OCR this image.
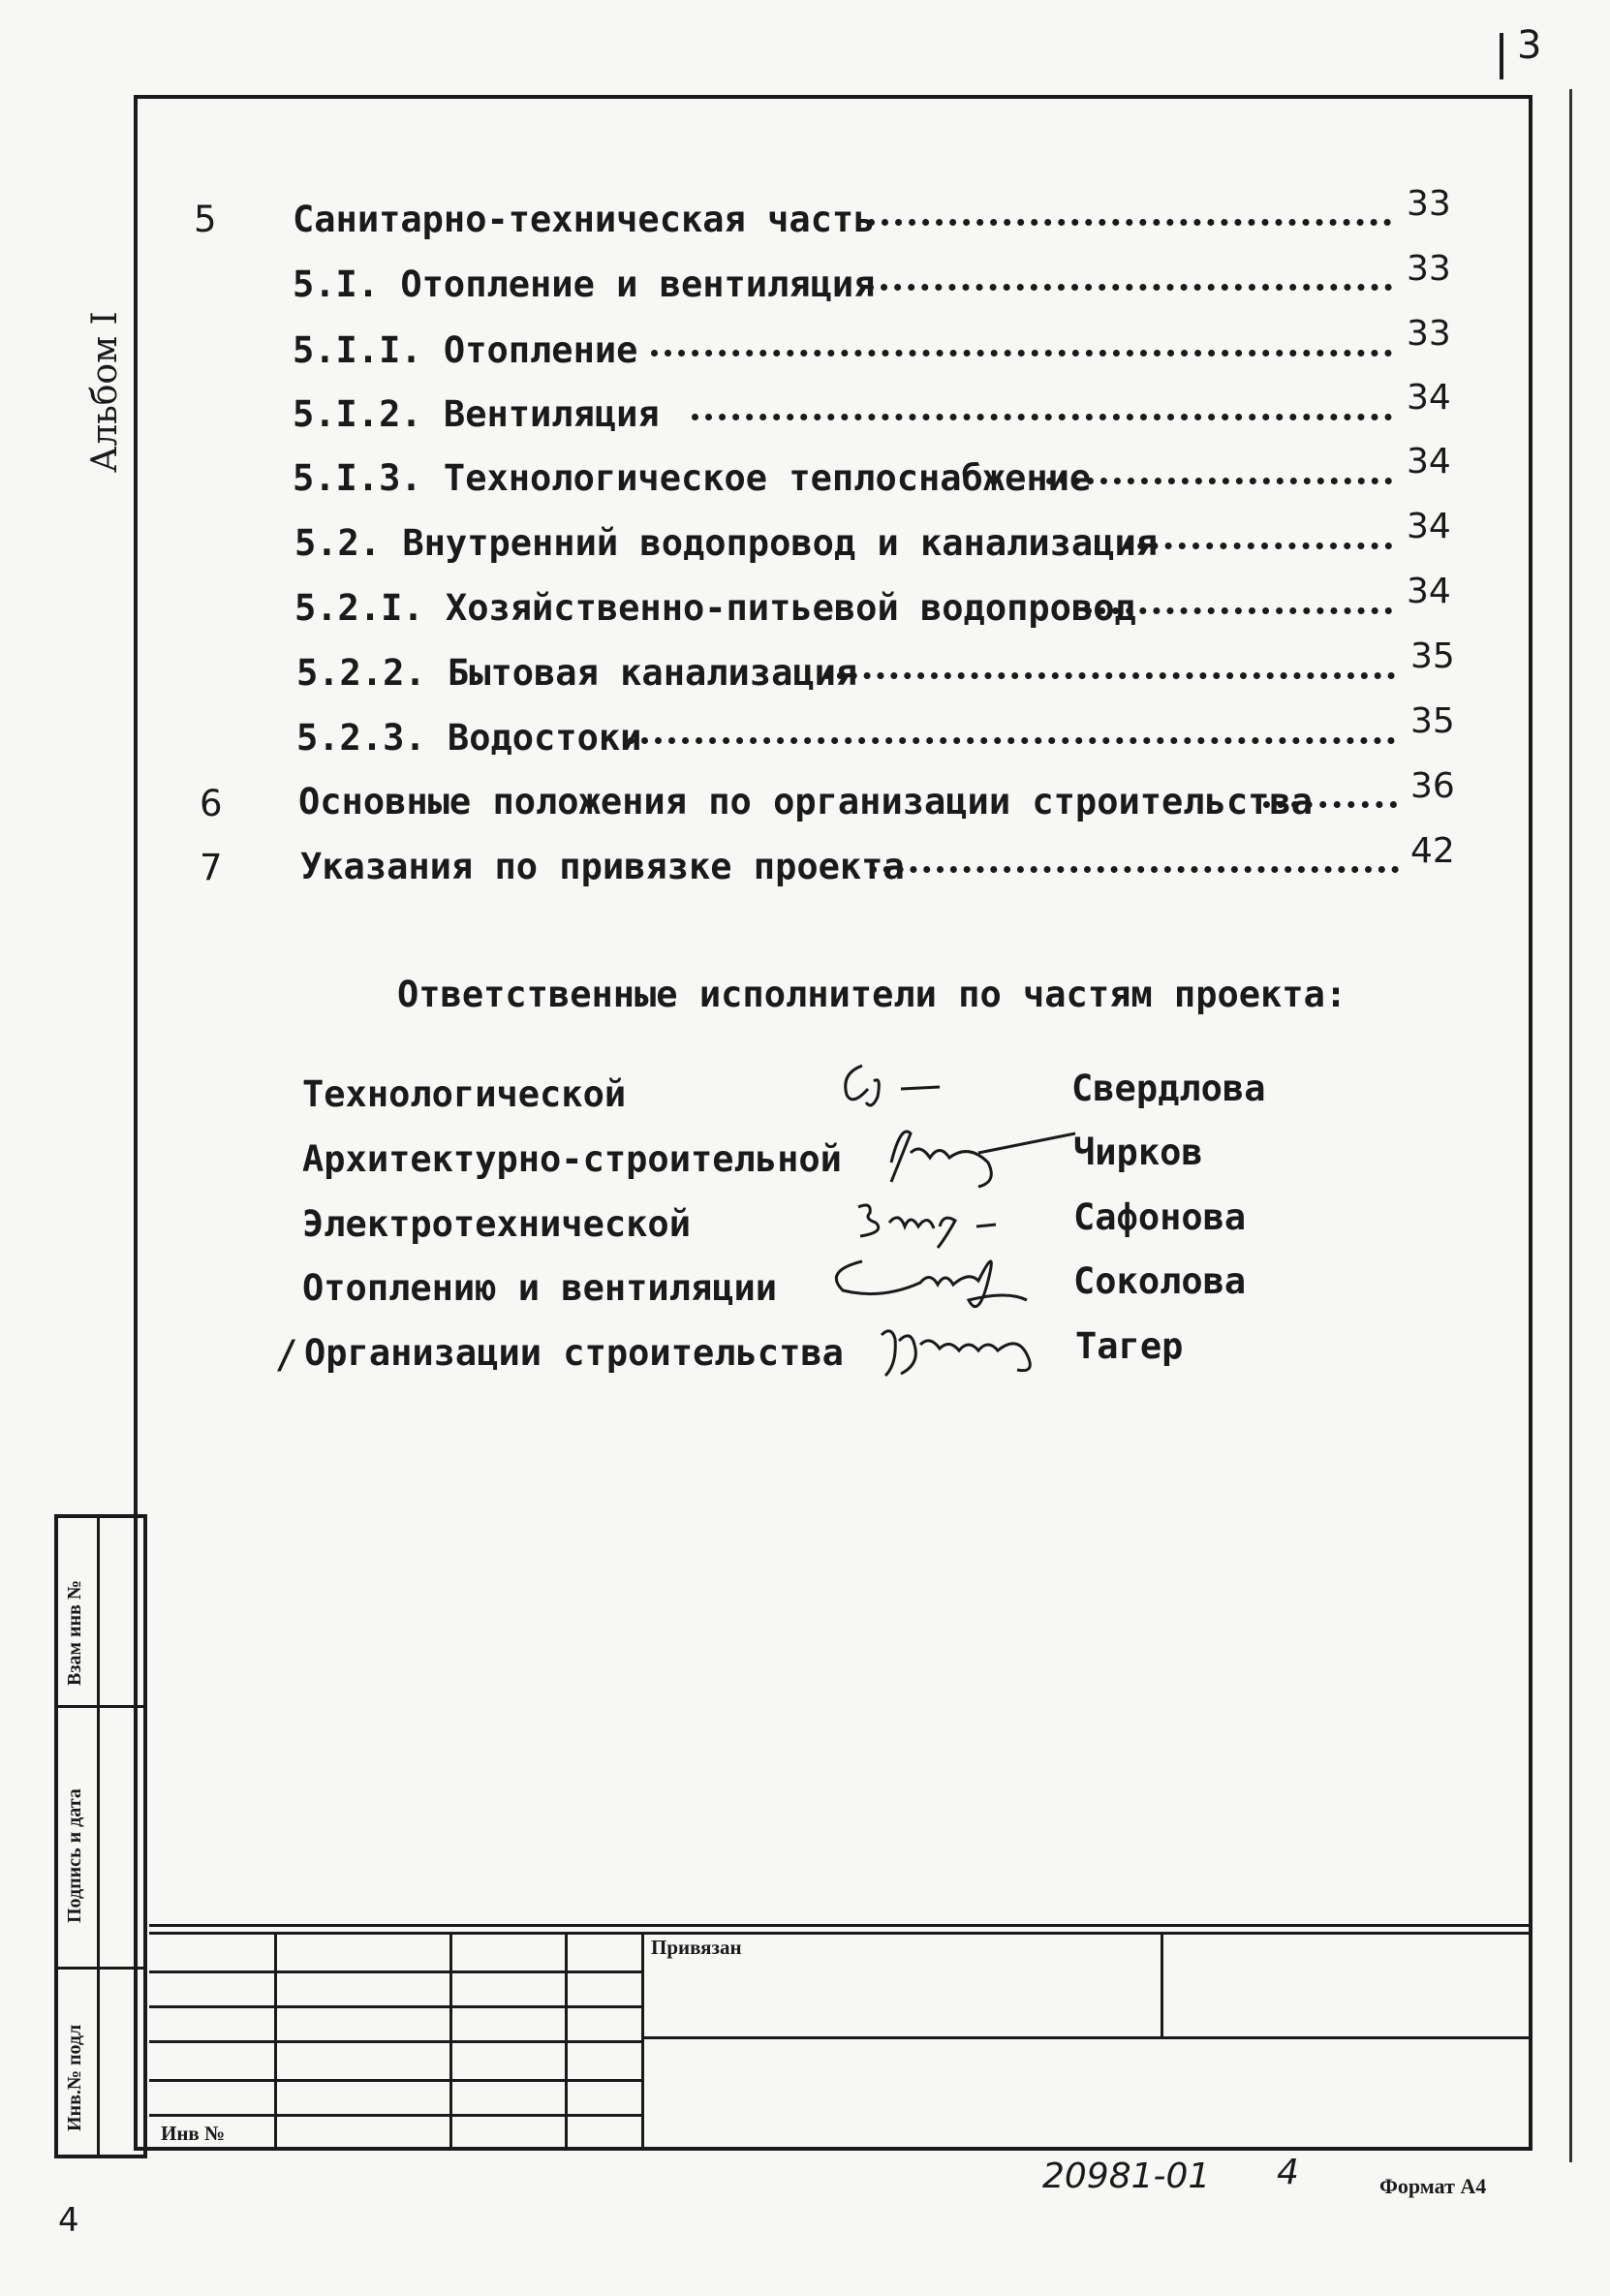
3
Альбом I
5 Санитарно-техническая часть	33
5.I. Отопление и вентиляция	33
5.I.I. Отопление	33
5.I.2. Вентиляция	34
5.I.3. Технологическое теплоснабжение	34
5.2. Внутренний водопровод и канализация	34
5.2.I. Хозяйственно-питьевой водопровод	34
5.2.2. Бытовая канализация	35
5.2.3. Водостоки	35
6 Основные положения по организации строительства	36
7 Указания по привязке проекта	42
Ответственные исполнители по частям проекта:
Технологической	Свердлова
Архитектурно-строительной	Чирков
Электротехнической	Сафонова
Отоплению и вентиляции	Соколова
/ Организации строительства	Тагер
Взам инв №
Подпись и дата
Инв.№ подл
Привязан
Инв №
20981-01 4	Формат А4
4
